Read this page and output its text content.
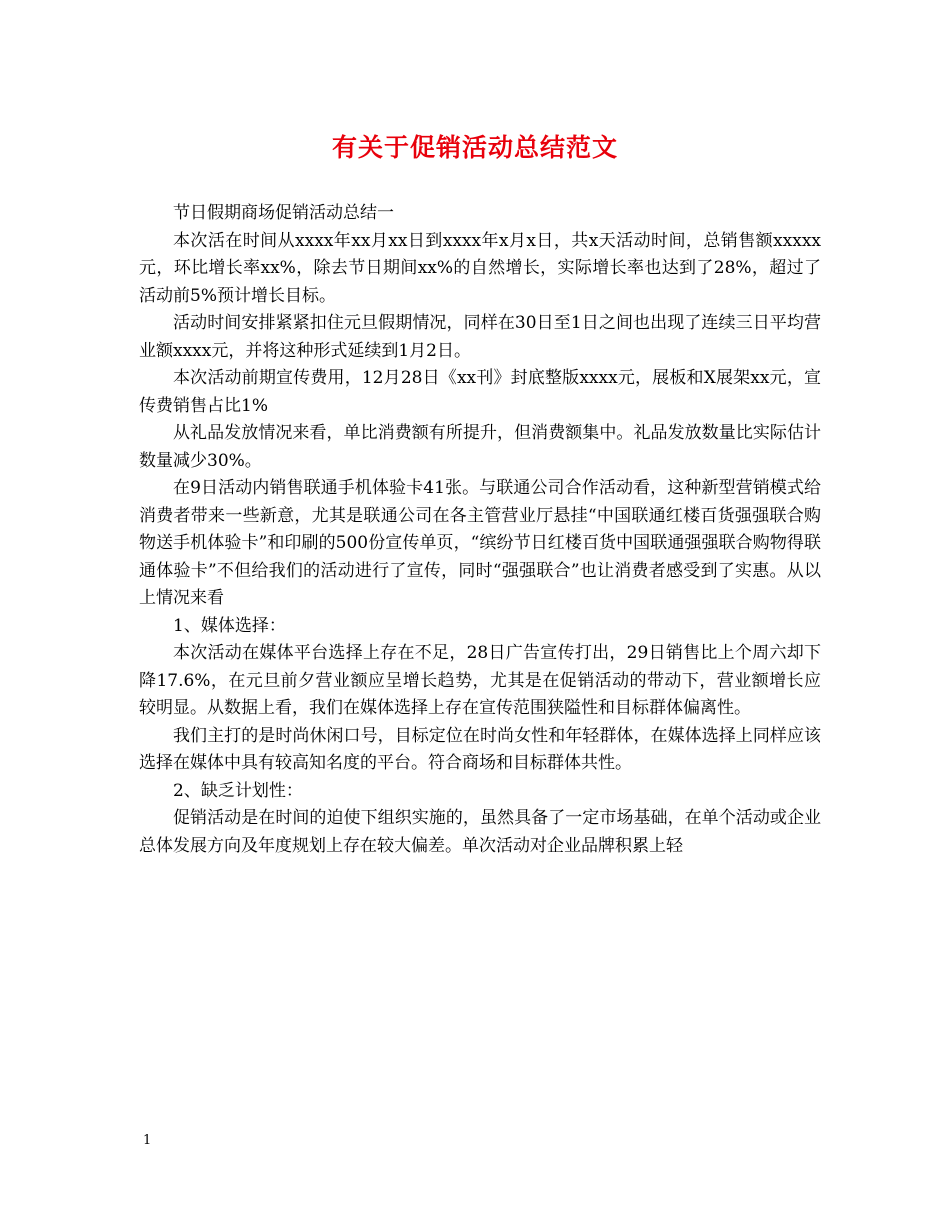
有关于促销活动总结范文

节日假期商场促销活动总结一

本次活在时间从xxxx年xx月xx日到xxxx年x月x日，共x天活动时间，总销售额xxxxx元，环比增长率xx%，除去节日期间xx%的自然增长，实际增长率也达到了28%，超过了活动前5%预计增长目标。

活动时间安排紧紧扣住元旦假期情况，同样在30日至1日之间也出现了连续三日平均营业额xxxx元，并将这种形式延续到1月2日。

本次活动前期宣传费用，12月28日《xx刊》封底整版xxxx元，展板和X展架xx元，宣传费销售占比1%

从礼品发放情况来看，单比消费额有所提升，但消费额集中。礼品发放数量比实际估计数量减少30%。

在9日活动内销售联通手机体验卡41张。与联通公司合作活动看，这种新型营销模式给消费者带来一些新意，尤其是联通公司在各主管营业厅悬挂“中国联通红楼百货强强联合购物送手机体验卡”和印刷的500份宣传单页，“缤纷节日红楼百货中国联通强强联合购物得联通体验卡”不但给我们的活动进行了宣传，同时“强强联合”也让消费者感受到了实惠。从以上情况来看

1、媒体选择：

本次活动在媒体平台选择上存在不足，28日广告宣传打出，29日销售比上个周六却下降17.6%，在元旦前夕营业额应呈增长趋势，尤其是在促销活动的带动下，营业额增长应较明显。从数据上看，我们在媒体选择上存在宣传范围狭隘性和目标群体偏离性。

我们主打的是时尚休闲口号，目标定位在时尚女性和年轻群体，在媒体选择上同样应该选择在媒体中具有较高知名度的平台。符合商场和目标群体共性。

2、缺乏计划性：

促销活动是在时间的迫使下组织实施的，虽然具备了一定市场基础，在单个活动或企业总体发展方向及年度规划上存在较大偏差。单次活动对企业品牌积累上轻

1
